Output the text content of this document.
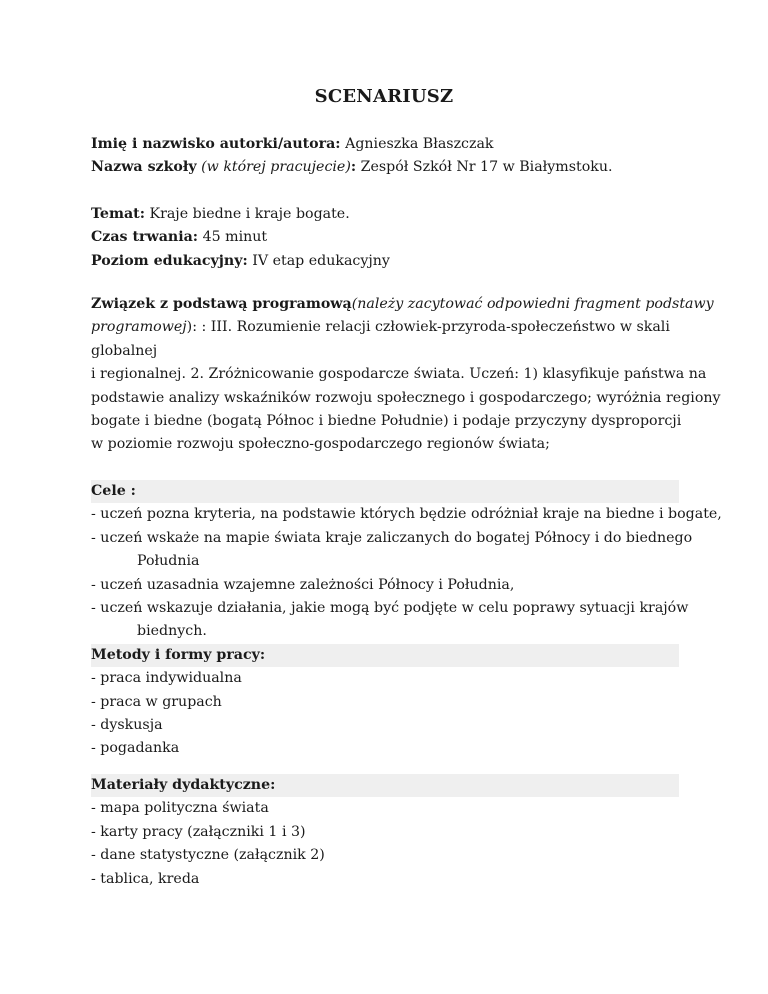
SCENARIUSZ
Imię i nazwisko autorki/autora: Agnieszka Błaszczak
Nazwa szkoły (w której pracujecie): Zespół Szkół Nr 17 w Białymstoku.
Temat: Kraje biedne i kraje bogate.
Czas trwania: 45 minut
Poziom edukacyjny: IV etap edukacyjny
Związek z podstawą programową (należy zacytować odpowiedni fragment podstawy
programowej): : III. Rozumienie relacji człowiek-przyroda-społeczeństwo w skali
globalnej
i regionalnej. 2. Zróżnicowanie gospodarcze świata. Uczeń: 1) klasyfikuje państwa na
podstawie analizy wskaźników rozwoju społecznego i gospodarczego; wyróżnia regiony
bogate i biedne (bogatą Północ i biedne Południe) i podaje przyczyny dysproporcji
w poziomie rozwoju społeczno-gospodarczego regionów świata;
Cele :
- uczeń pozna kryteria, na podstawie których będzie odróżniał kraje na biedne i bogate,
- uczeń wskaże na mapie świata kraje zaliczanych do bogatej Północy i do biednego
Południa
- uczeń uzasadnia wzajemne zależności Północy i Południa,
- uczeń wskazuje działania, jakie mogą być podjęte w celu poprawy sytuacji krajów
biednych.
Metody i formy pracy:
- praca indywidualna
- praca w grupach
- dyskusja
- pogadanka
Materiały dydaktyczne:
- mapa polityczna świata
- karty pracy (załączniki 1 i 3)
- dane statystyczne (załącznik 2)
- tablica, kreda
